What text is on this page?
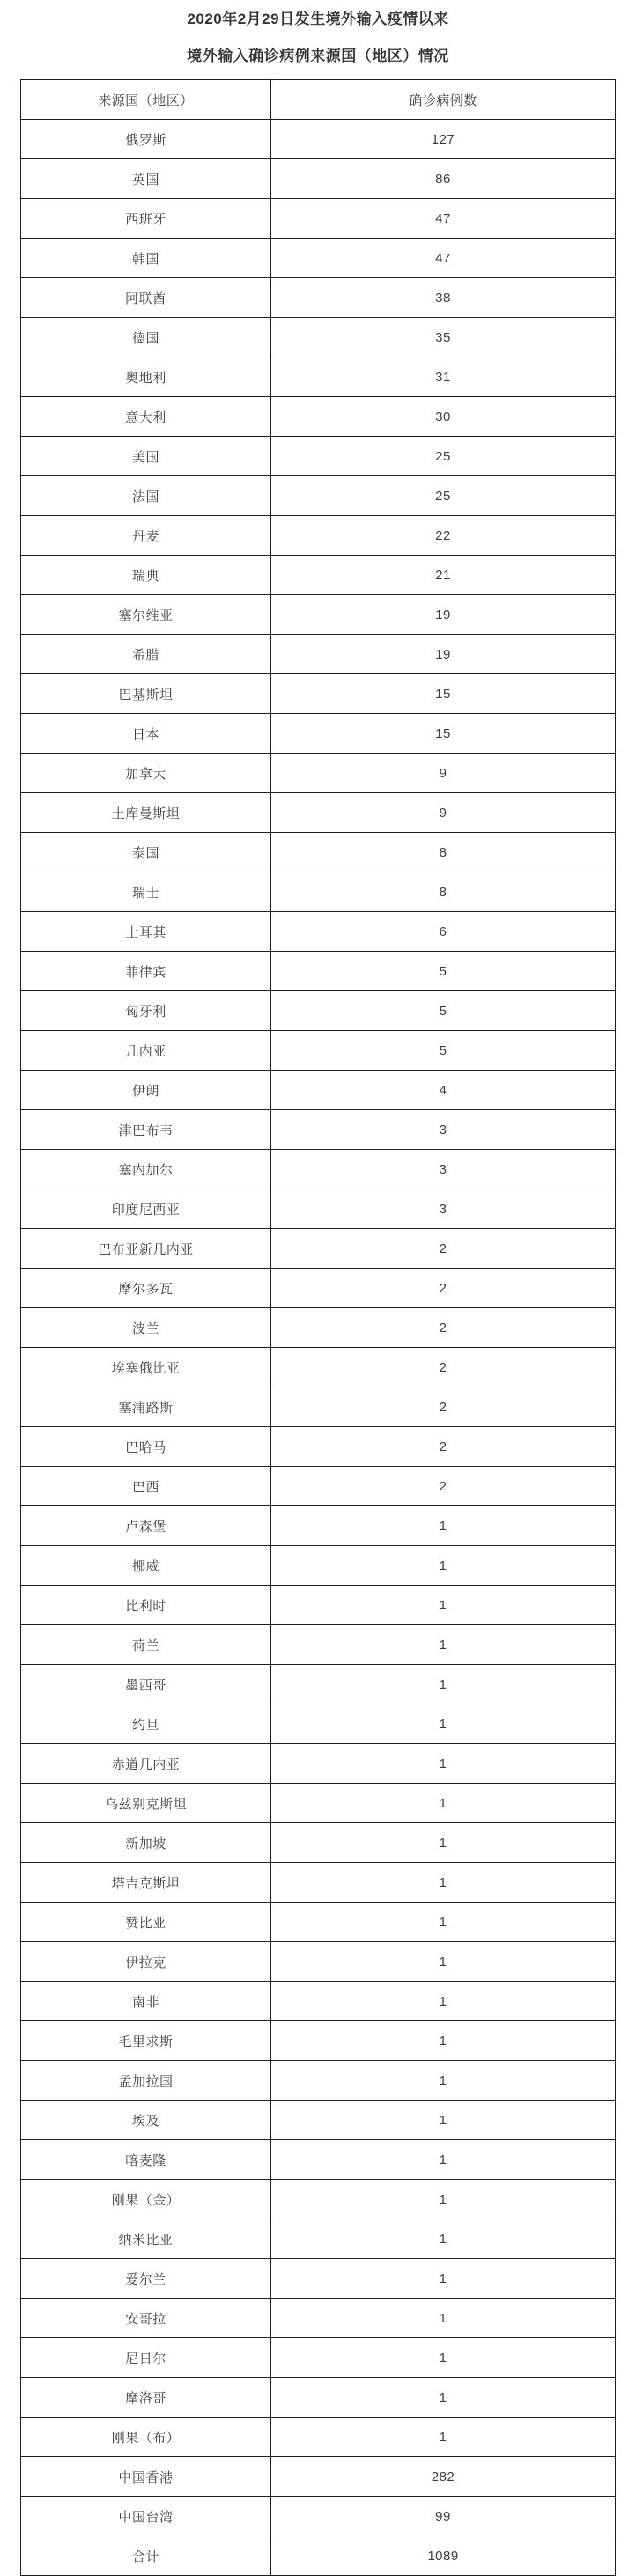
2020年2月29日发生境外输入疫情以来

境外输入确诊病例来源国（地区）情况

来源国（地区）	确诊病例数
俄罗斯	127
英国	86
西班牙	47
韩国	47
阿联酋	38
德国	35
奥地利	31
意大利	30
美国	25
法国	25
丹麦	22
瑞典	21
塞尔维亚	19
希腊	19
巴基斯坦	15
日本	15
加拿大	9
土库曼斯坦	9
泰国	8
瑞士	8
土耳其	6
菲律宾	5
匈牙利	5
几内亚	5
伊朗	4
津巴布韦	3
塞内加尔	3
印度尼西亚	3
巴布亚新几内亚	2
摩尔多瓦	2
波兰	2
埃塞俄比亚	2
塞浦路斯	2
巴哈马	2
巴西	2
卢森堡	1
挪威	1
比利时	1
荷兰	1
墨西哥	1
约旦	1
赤道几内亚	1
乌兹别克斯坦	1
新加坡	1
塔吉克斯坦	1
赞比亚	1
伊拉克	1
南非	1
毛里求斯	1
孟加拉国	1
埃及	1
喀麦隆	1
刚果（金）	1
纳米比亚	1
爱尔兰	1
安哥拉	1
尼日尔	1
摩洛哥	1
刚果（布）	1
中国香港	282
中国台湾	99
合计	1089
